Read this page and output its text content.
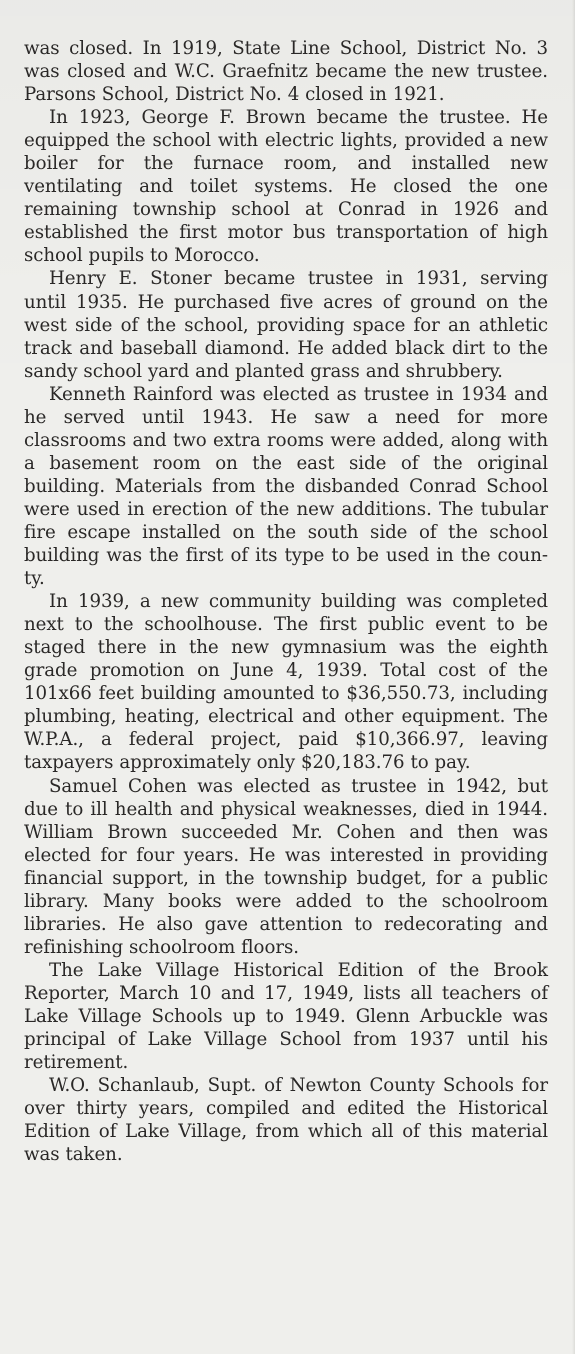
was closed. In 1919, State Line School, District No. 3 was closed and W.C. Graefnitz became the new trustee. Parsons School, District No. 4 closed in 1921.

In 1923, George F. Brown became the trustee. He equipped the school with electric lights, provided a new boiler for the furnace room, and installed new ventilating and toilet systems. He closed the one remaining township school at Conrad in 1926 and established the first motor bus transportation of high school pupils to Morocco.

Henry E. Stoner became trustee in 1931, serving until 1935. He purchased five acres of ground on the west side of the school, providing space for an athletic track and baseball diamond. He added black dirt to the sandy school yard and planted grass and shrubbery.

Kenneth Rainford was elected as trustee in 1934 and he served until 1943. He saw a need for more classrooms and two extra rooms were added, along with a basement room on the east side of the original building. Materials from the disbanded Conrad School were used in erection of the new additions. The tubular fire escape installed on the south side of the school building was the first of its type to be used in the county.

In 1939, a new community building was completed next to the schoolhouse. The first public event to be staged there in the new gymnasium was the eighth grade promotion on June 4, 1939. Total cost of the 101x66 feet building amounted to $36,550.73, including plumbing, heating, electrical and other equipment. The W.P.A., a federal project, paid $10,366.97, leaving taxpayers approximately only $20,183.76 to pay.

Samuel Cohen was elected as trustee in 1942, but due to ill health and physical weaknesses, died in 1944. William Brown succeeded Mr. Cohen and then was elected for four years. He was interested in providing financial support, in the township budget, for a public library. Many books were added to the schoolroom libraries. He also gave attention to redecorating and refinishing schoolroom floors.

The Lake Village Historical Edition of the Brook Reporter, March 10 and 17, 1949, lists all teachers of Lake Village Schools up to 1949. Glenn Arbuckle was principal of Lake Village School from 1937 until his retirement.

W.O. Schanlaub, Supt. of Newton County Schools for over thirty years, compiled and edited the Historical Edition of Lake Village, from which all of this material was taken.
